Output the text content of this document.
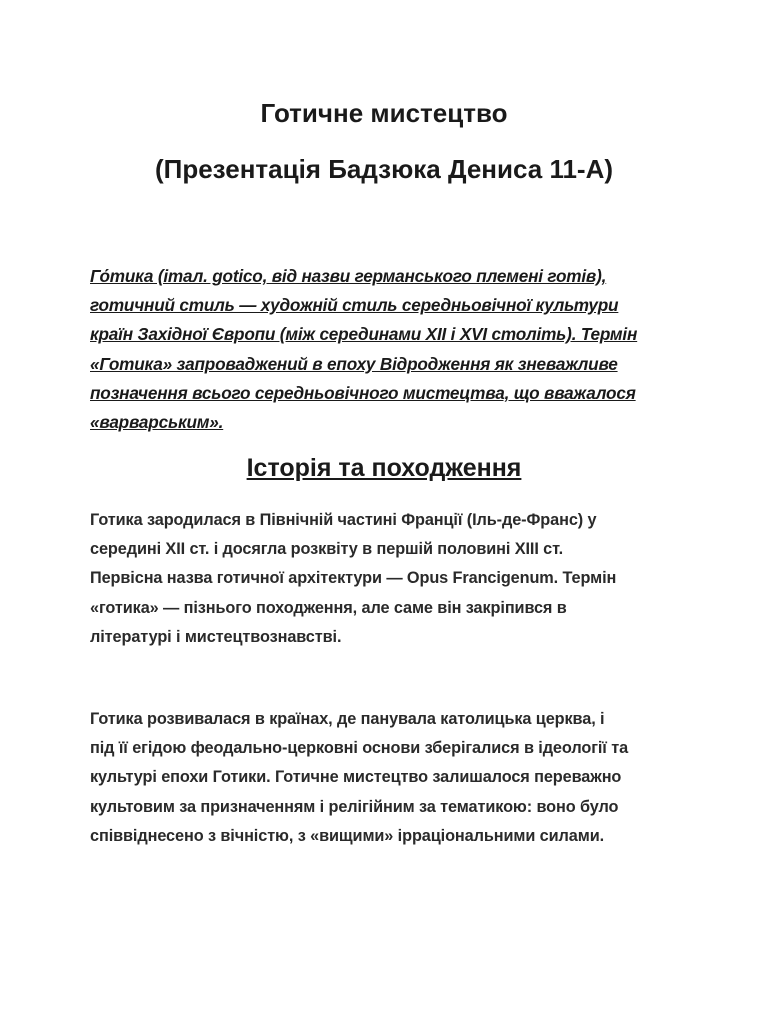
Готичне мистецтво
(Презентація Бадзюка Дениса 11-А)

Го́тика (італ. gotico, від назви германського племені готів),
готичний стиль — художній стиль середньовічної культури
країн Західної Європи (між серединами XII і XVI століть). Термін
«Готика» запроваджений в епоху Відродження як зневажливе
позначення всього середньовічного мистецтва, що вважалося
«варварським».

Історія та походження

Готика зародилася в Північній частині Франції (Іль-де-Франс) у
середині XII ст. і досягла розквіту в першій половині XIII ст.
Первісна назва готичної архітектури — Opus Francigenum. Термін
«готика» — пізнього походження, але саме він закріпився в
літературі і мистецтвознавстві.

Готика розвивалася в країнах, де панувала католицька церква, і
під її егідою феодально-церковні основи зберігалися в ідеології та
культурі епохи Готики. Готичне мистецтво залишалося переважно
культовим за призначенням і релігійним за тематикою: воно було
співвіднесено з вічністю, з «вищими» ірраціональними силами.
